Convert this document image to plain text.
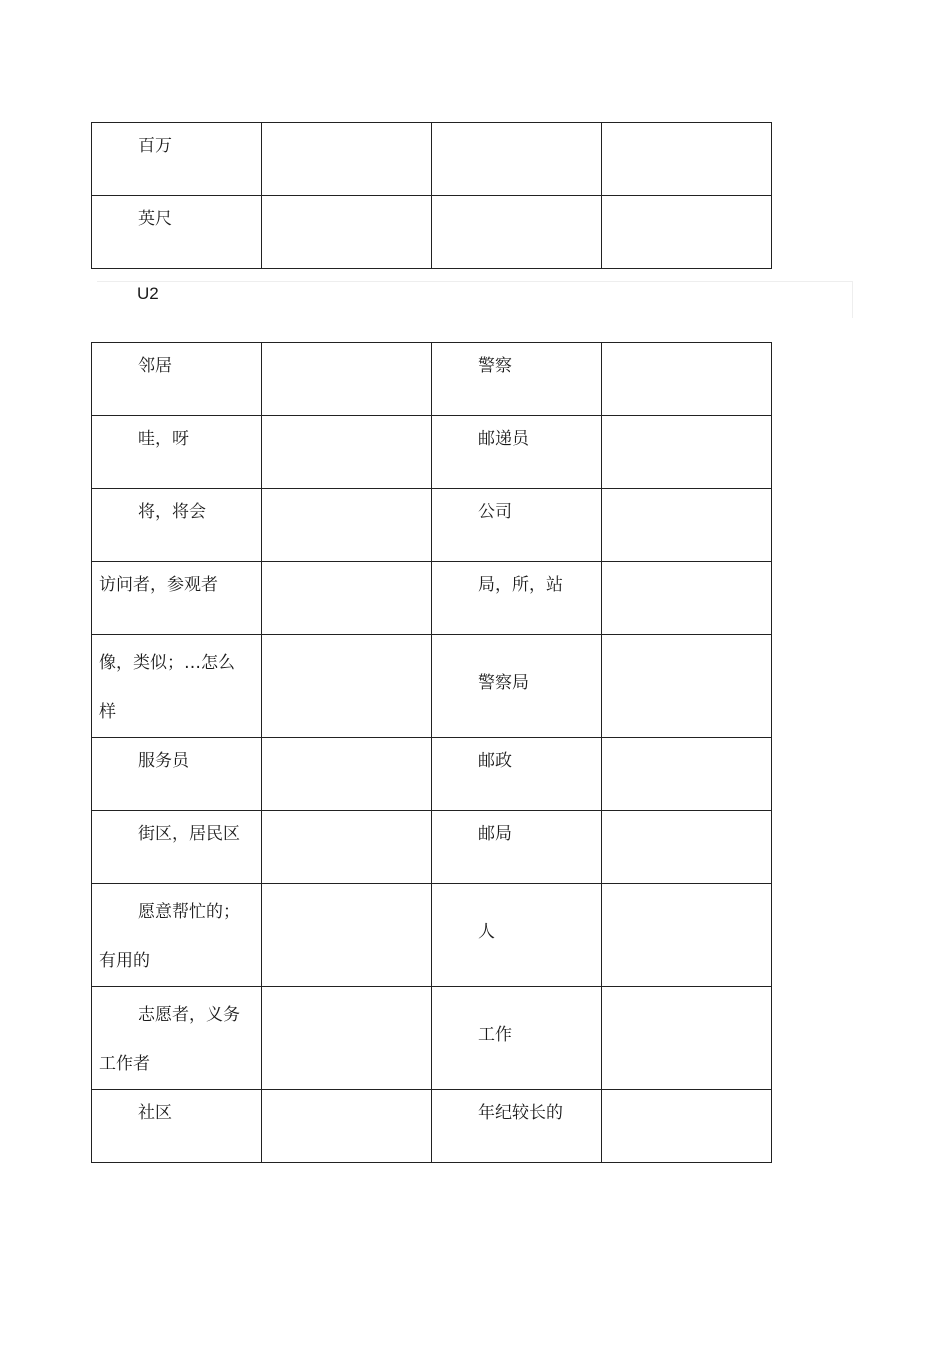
百万			

英尺			

U2
邻居		警察	

哇，呀		邮递员	

将，将会		公司	

访问者，参观者		局，所，站	

像，类似；…怎么
样		警察局	

服务员		邮政	

街区，居民区		邮局	

愿意帮忙的；
有用的		人	

志愿者，义务
工作者		工作	

社区		年纪较长的	
